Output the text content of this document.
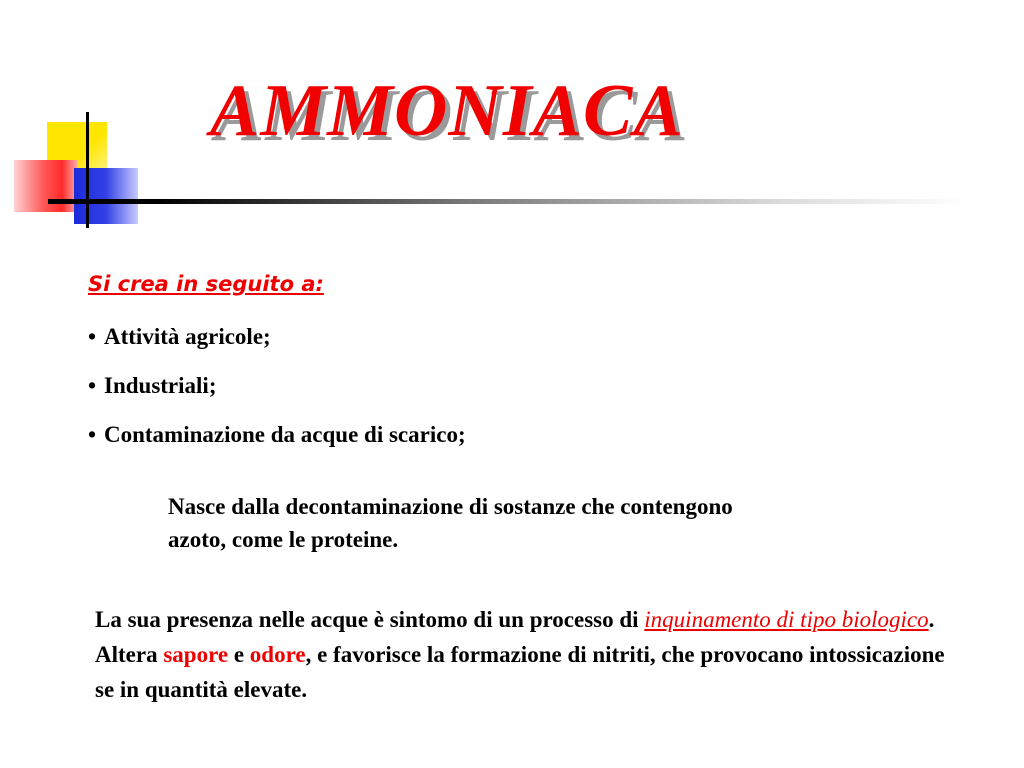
AMMONIACA
Si crea in seguito a:
• Attività agricole;
• Industriali;
• Contaminazione da acque di scarico;
Nasce dalla decontaminazione di sostanze che contengono azoto, come le proteine.
La sua presenza nelle acque è sintomo di un processo di inquinamento di tipo biologico. Altera sapore e odore, e favorisce la formazione di nitriti, che provocano intossicazione se in quantità elevate.
